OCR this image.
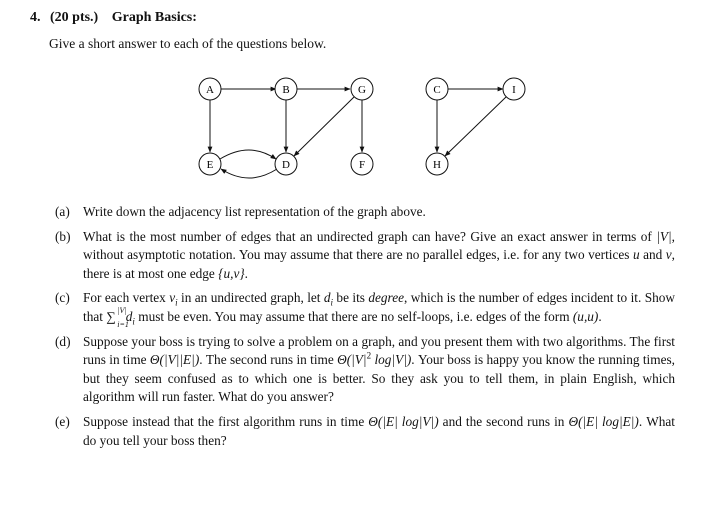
4. (20 pts.) Graph Basics:
Give a short answer to each of the questions below.
A	B	G	C	I
E	D	F	H
(a) Write down the adjacency list representation of the graph above.
(b) What is the most number of edges that an undirected graph can have? Give an exact answer in terms of |V|, without asymptotic notation. You may assume that there are no parallel edges, i.e. for any two vertices u and v, there is at most one edge {u,v}.
(c) For each vertex $v_i$ in an undirected graph, let $d_i$ be its degree, which is the number of edges incident to it. Show that ∑ |V|
i=1
$d_i$ must be even. You may assume that there are no self-loops, i.e. edges of the form (u,u).
(d) Suppose your boss is trying to solve a problem on a graph, and you present them with two algorithms. The first runs in time Θ(|V||E|). The second runs in time $\Theta(|V|^2$ log|V|). Your boss is happy you know the running times, but they seem confused as to which one is better. So they ask you to tell them, in plain English, which algorithm will run faster. What do you answer?
(e) Suppose instead that the first algorithm runs in time Θ(|E| log|V|) and the second runs in Θ(|E| log|E|). What do you tell your boss then?
